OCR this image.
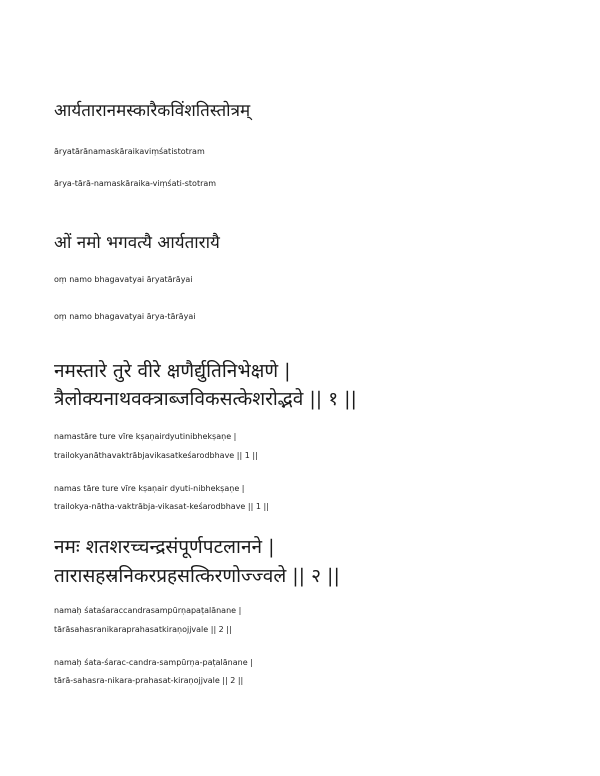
आर्यतारानमस्कारैकविंशतिस्तोत्रम्
āryatārānamaskāraikaviṃśatistotram
ārya-tārā-namaskāraika-viṃśati-stotram
ओं नमो भगवत्यै आर्यतारायै
oṃ namo bhagavatyai āryatārāyai
oṃ namo bhagavatyai ārya-tārāyai
नमस्तारे तुरे वीरे क्षणैर्द्युतिनिभेक्षणे |
त्रैलोक्यनाथवक्त्राब्जविकसत्केशरोद्भवे || १ ||
namastāre ture vīre kṣaṇairdyutinibhekṣaṇe |
trailokyanāthavaktrābjavikasatkeśarodbhave || 1 ||
namas tāre ture vīre kṣaṇair dyuti-nibhekṣaṇe |
trailokya-nātha-vaktrābja-vikasat-keśarodbhave || 1 ||
नमः शतशरच्चन्द्रसंपूर्णपटलानने |
तारासहस्रनिकरप्रहसत्किरणोज्ज्वले || २ ||
namaḥ śataśaraccandrasampūrṇapaṭalānane |
tārāsahasranikaraprahasatkiraṇojjvale || 2 ||
namaḥ śata-śarac-candra-sampūrṇa-paṭalānane |
tārā-sahasra-nikara-prahasat-kiraṇojjvale || 2 ||
